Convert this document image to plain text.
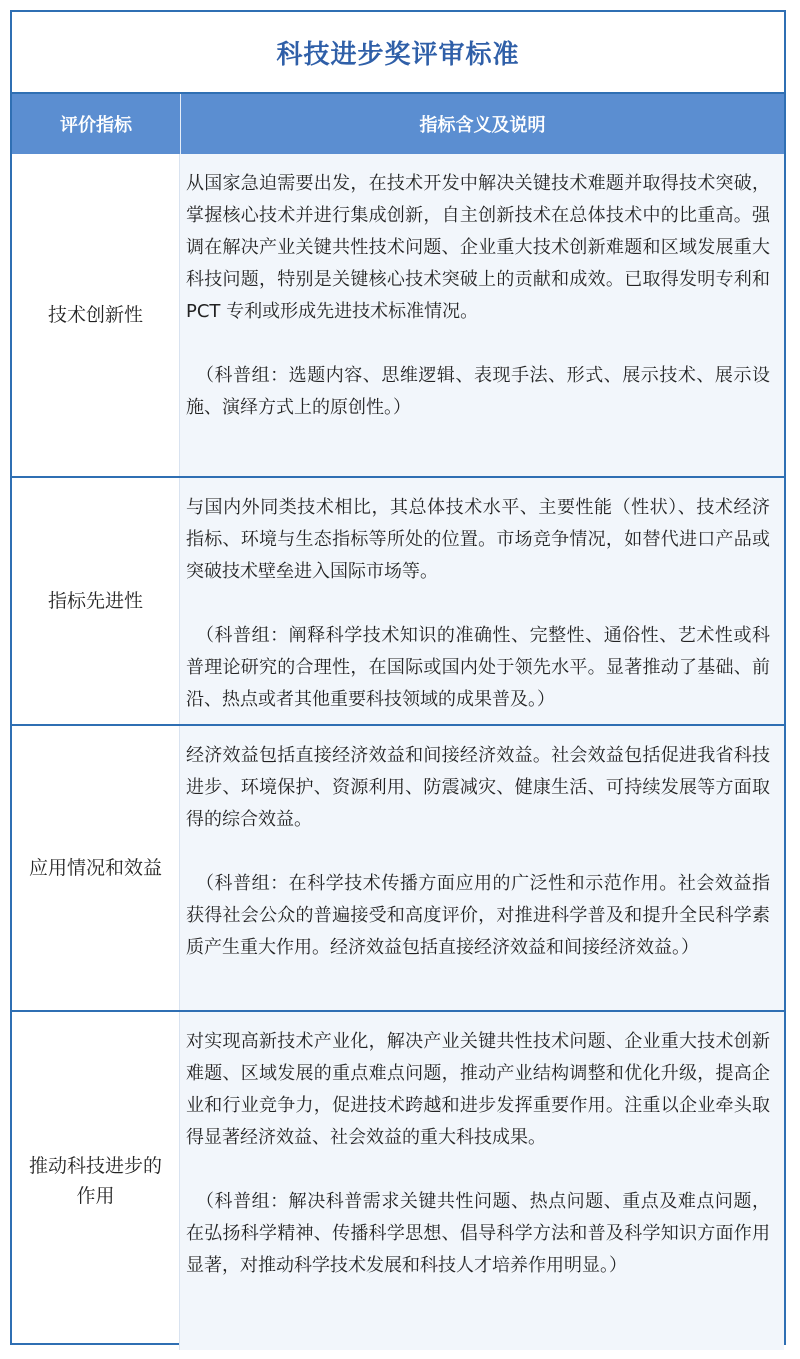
科技进步奖评审标准
评价指标	指标含义及说明
技术创新性

从国家急迫需要出发，在技术开发中解决关键技术难题并取得技术突破，掌握核心技术并进行集成创新，自主创新技术在总体技术中的比重高。强调在解决产业关键共性技术问题、企业重大技术创新难题和区域发展重大科技问题，特别是关键核心技术突破上的贡献和成效。已取得发明专利和PCT 专利或形成先进技术标准情况。

（科普组：选题内容、思维逻辑、表现手法、形式、展示技术、展示设施、演绎方式上的原创性。）

指标先进性

与国内外同类技术相比，其总体技术水平、主要性能（性状）、技术经济指标、环境与生态指标等所处的位置。市场竞争情况，如替代进口产品或突破技术壁垒进入国际市场等。

（科普组：阐释科学技术知识的准确性、完整性、通俗性、艺术性或科普理论研究的合理性，在国际或国内处于领先水平。显著推动了基础、前沿、热点或者其他重要科技领域的成果普及。）

应用情况和效益

经济效益包括直接经济效益和间接经济效益。社会效益包括促进我省科技进步、环境保护、资源利用、防震减灾、健康生活、可持续发展等方面取得的综合效益。

（科普组：在科学技术传播方面应用的广泛性和示范作用。社会效益指获得社会公众的普遍接受和高度评价，对推进科学普及和提升全民科学素质产生重大作用。经济效益包括直接经济效益和间接经济效益。）

推动科技进步的作用

对实现高新技术产业化，解决产业关键共性技术问题、企业重大技术创新难题、区域发展的重点难点问题，推动产业结构调整和优化升级，提高企业和行业竞争力，促进技术跨越和进步发挥重要作用。注重以企业牵头取得显著经济效益、社会效益的重大科技成果。

（科普组：解决科普需求关键共性问题、热点问题、重点及难点问题，在弘扬科学精神、传播科学思想、倡导科学方法和普及科学知识方面作用显著，对推动科学技术发展和科技人才培养作用明显。）
